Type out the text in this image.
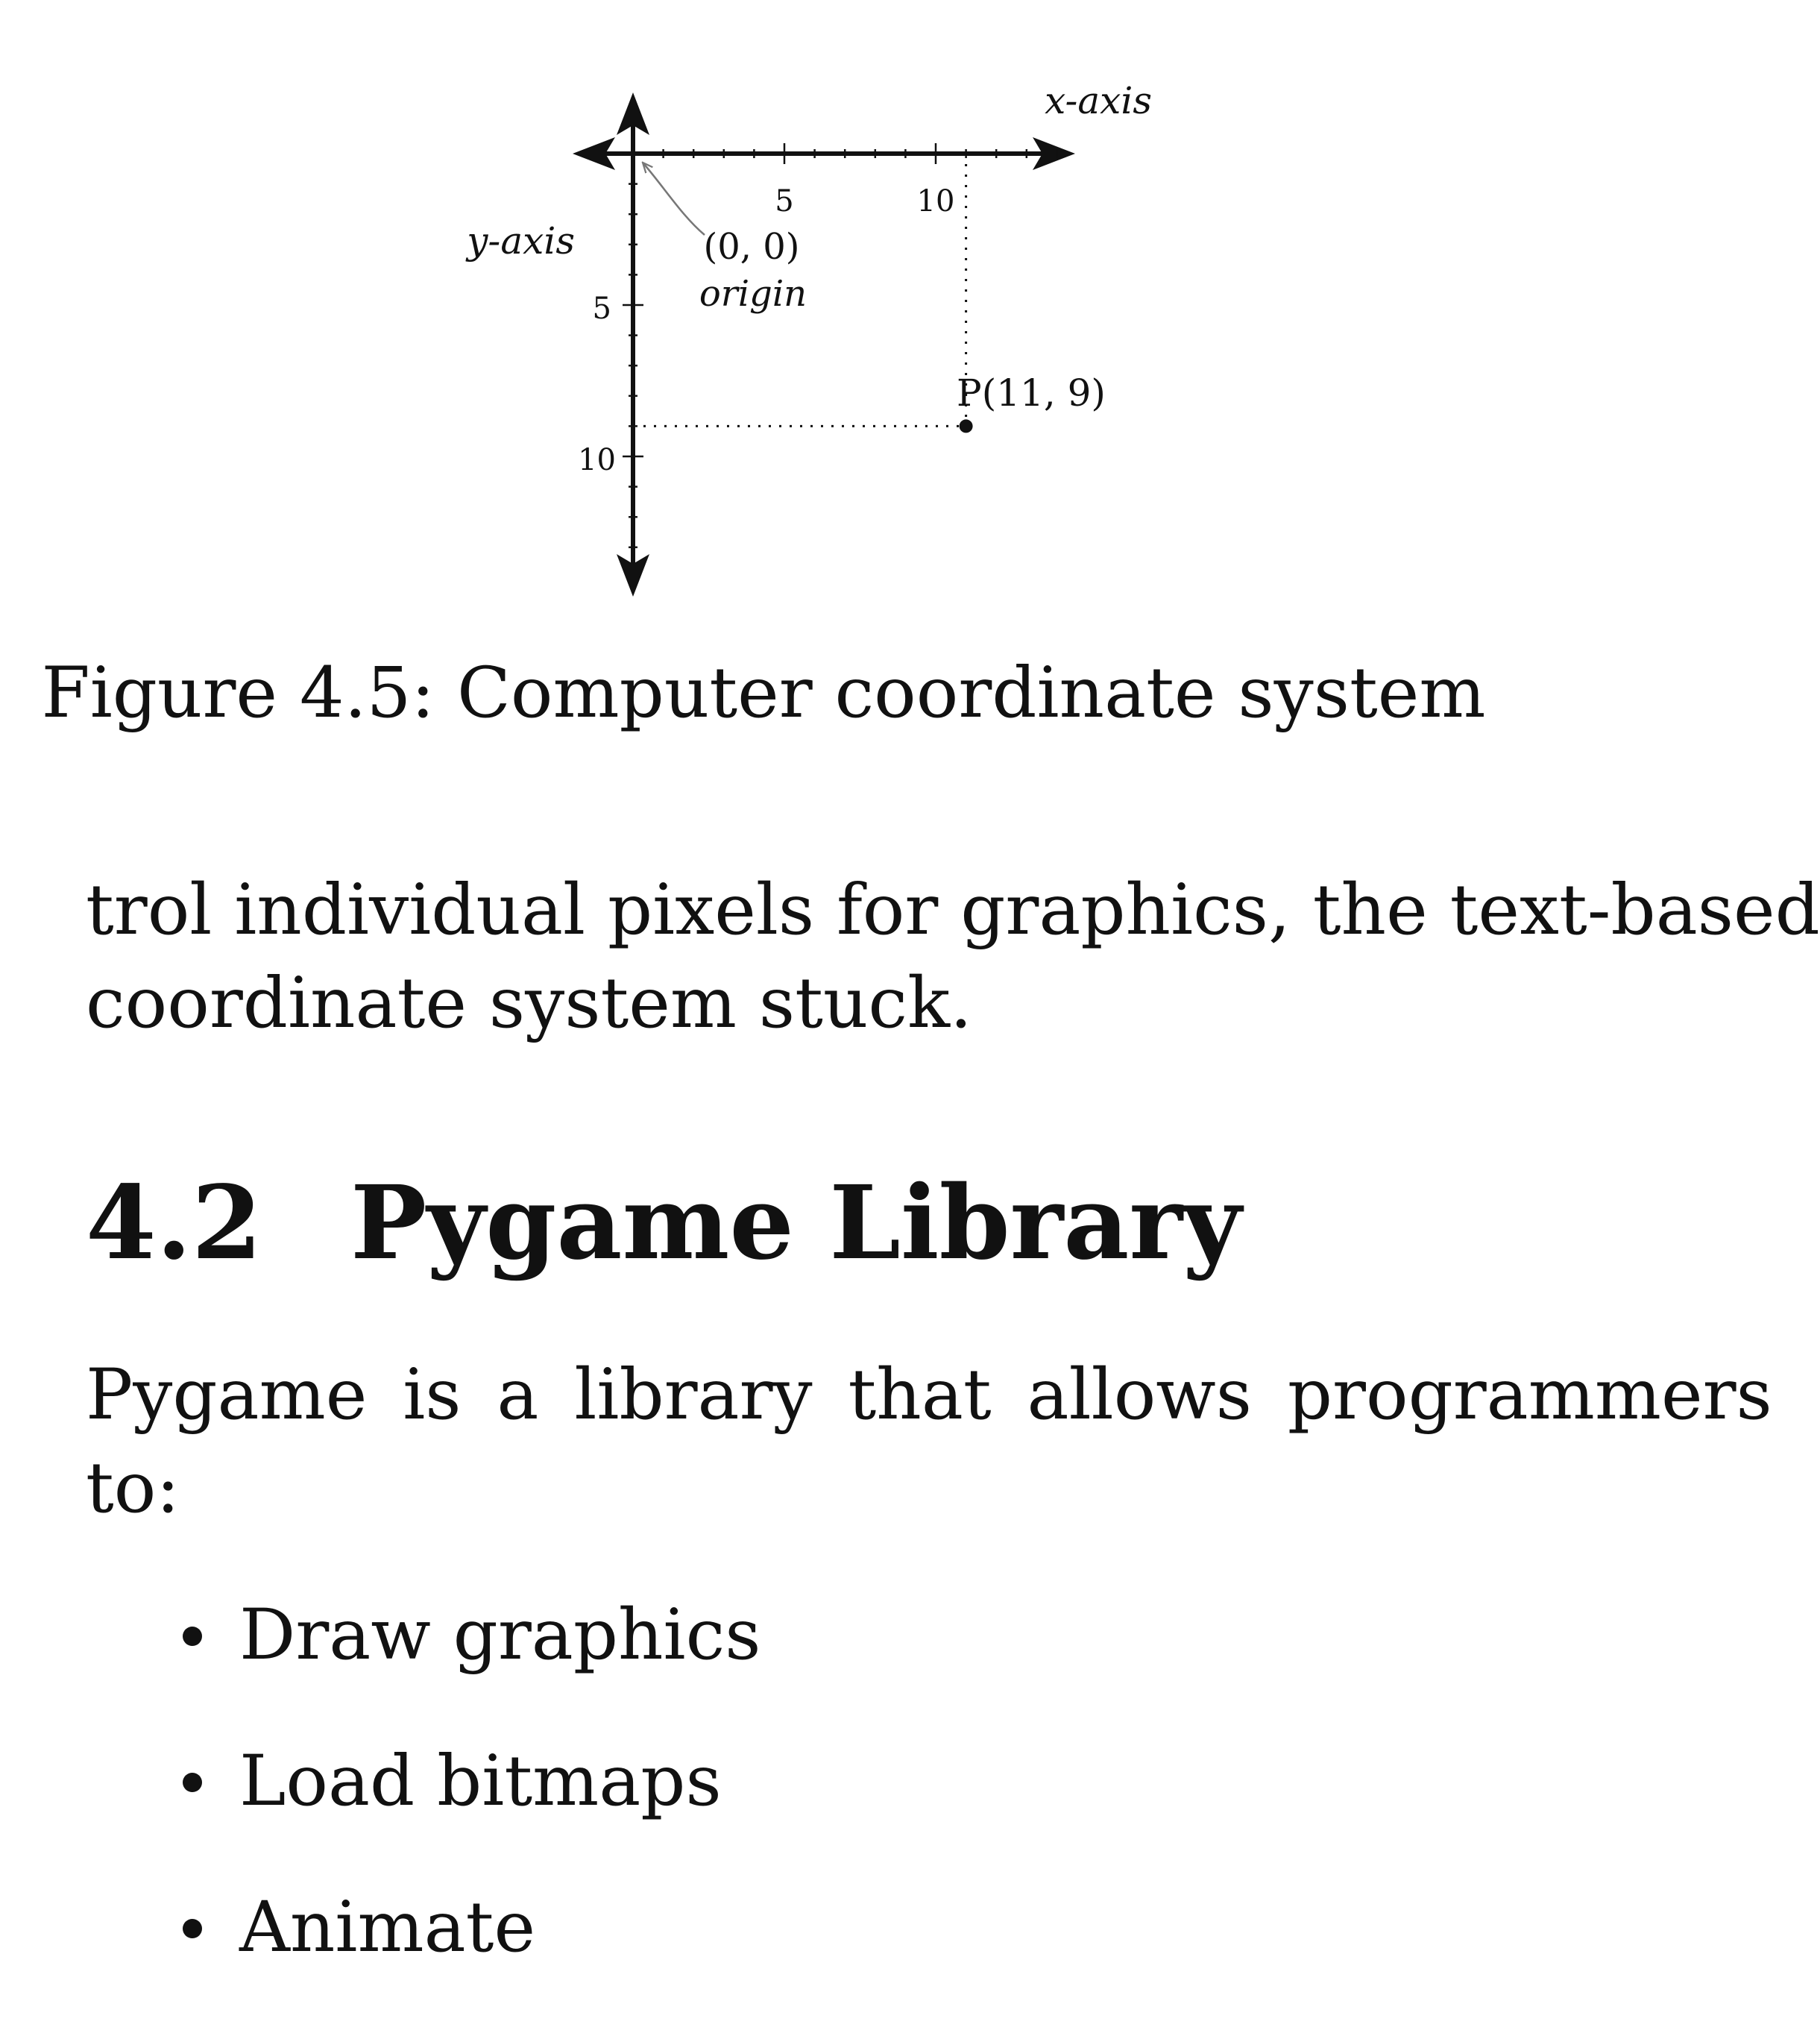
5	10
5
10
x-axis
y-axis	(0, 0)
origin
P(11, 9)
Figure 4.5: Computer coordinate system
trol individual pixels for graphics, the text-based
coordinate system stuck.
4.2 Pygame Library
Pygame is a library that allows programmers
to:
Draw graphics
Load bitmaps
Animate
